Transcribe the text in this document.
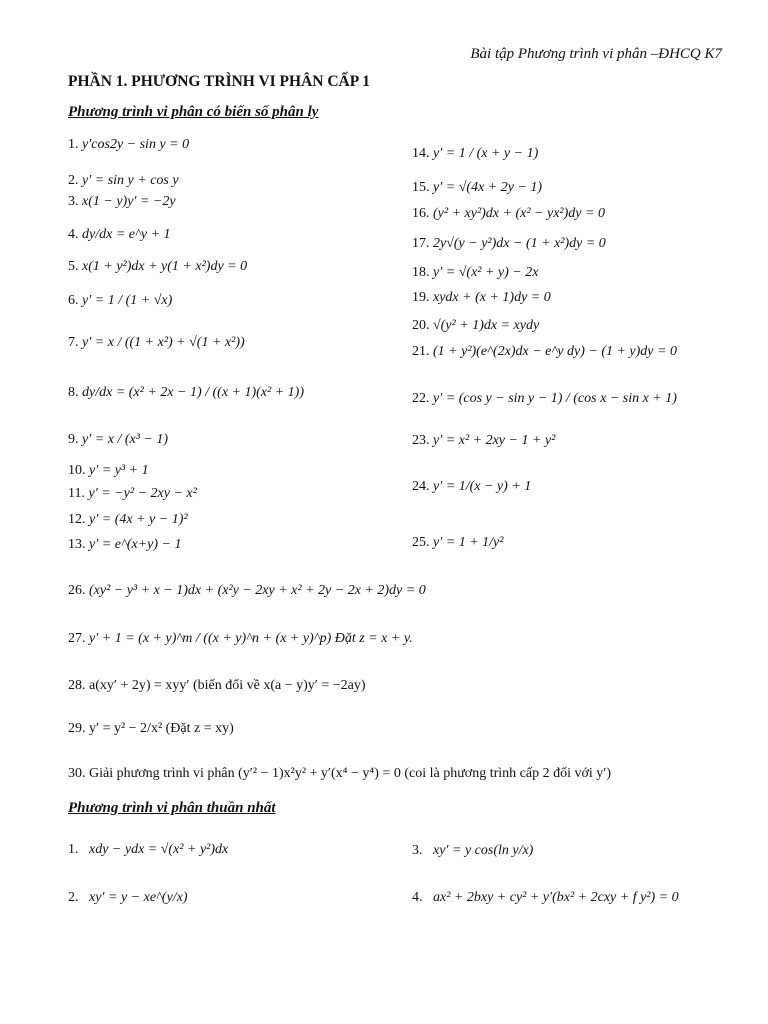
Bài tập Phương trình vi phân –ĐHCQ K7
PHẦN 1. PHƯƠNG TRÌNH VI PHÂN CẤP 1
Phương trình vi phân có biến số phân ly
1. y′cos2y − sin y = 0
2. y′ = sin y + cos y
3. x(1 − y)y′ = −2y
4. dy/dx = e^y + 1
5. x(1 + y²)dx + y(1 + x²)dy = 0
6. y′ = 1 / (1 + √x)
7. y′ = x / ((1 + x²) + √(1 + x²))
8. dy/dx = (x² + 2x − 1) / ((x + 1)(x² + 1))
9. y′ = x / (x³ − 1)
10. y′ = y³ + 1
11. y′ = −y² − 2xy − x²
12. y′ = (4x + y − 1)²
13. y′ = e^(x+y) − 1
14. y′ = 1 / (x + y − 1)
15. y′ = √(4x + 2y − 1)
16. (y² + xy²)dx + (x² − yx²)dy = 0
17. 2y√(y − y²)dx − (1 + x²)dy = 0
18. y′ = √(x² + y) − 2x
19. xydx + (x + 1)dy = 0
20. √(y² + 1)dx = xydy
21. (1 + y²)(e^(2x)dx − e^y dy) − (1 + y)dy = 0
22. y′ = (cos y − sin y − 1) / (cos x − sin x + 1)
23. y′ = x² + 2xy − 1 + y²
24. y′ = 1/(x − y) + 1
25. y′ = 1 + 1/y²
26. (xy² − y³ + x − 1)dx + (x²y − 2xy + x² + 2y − 2x + 2)dy = 0
27. y′ + 1 = (x + y)^m / ((x + y)^n + (x + y)^p) Đặt z = x + y.
28. a(xy′ + 2y) = xyy′ (biến đổi về x(a − y)y′ = −2ay)
29. y′ = y² − 2/x² (Đặt z = xy)
30. Giải phương trình vi phân (y′² − 1)x²y² + y′(x⁴ − y⁴) = 0 (coi là phương trình cấp 2 đối với y′)
Phương trình vi phân thuần nhất
1. xdy − ydx = √(x² + y²)dx
2. xy′ = y − xe^(y/x)
3. xy′ = y cos(ln y/x)
4. ax² + 2bxy + cy² + y′(bx² + 2cxy + f y²) = 0
